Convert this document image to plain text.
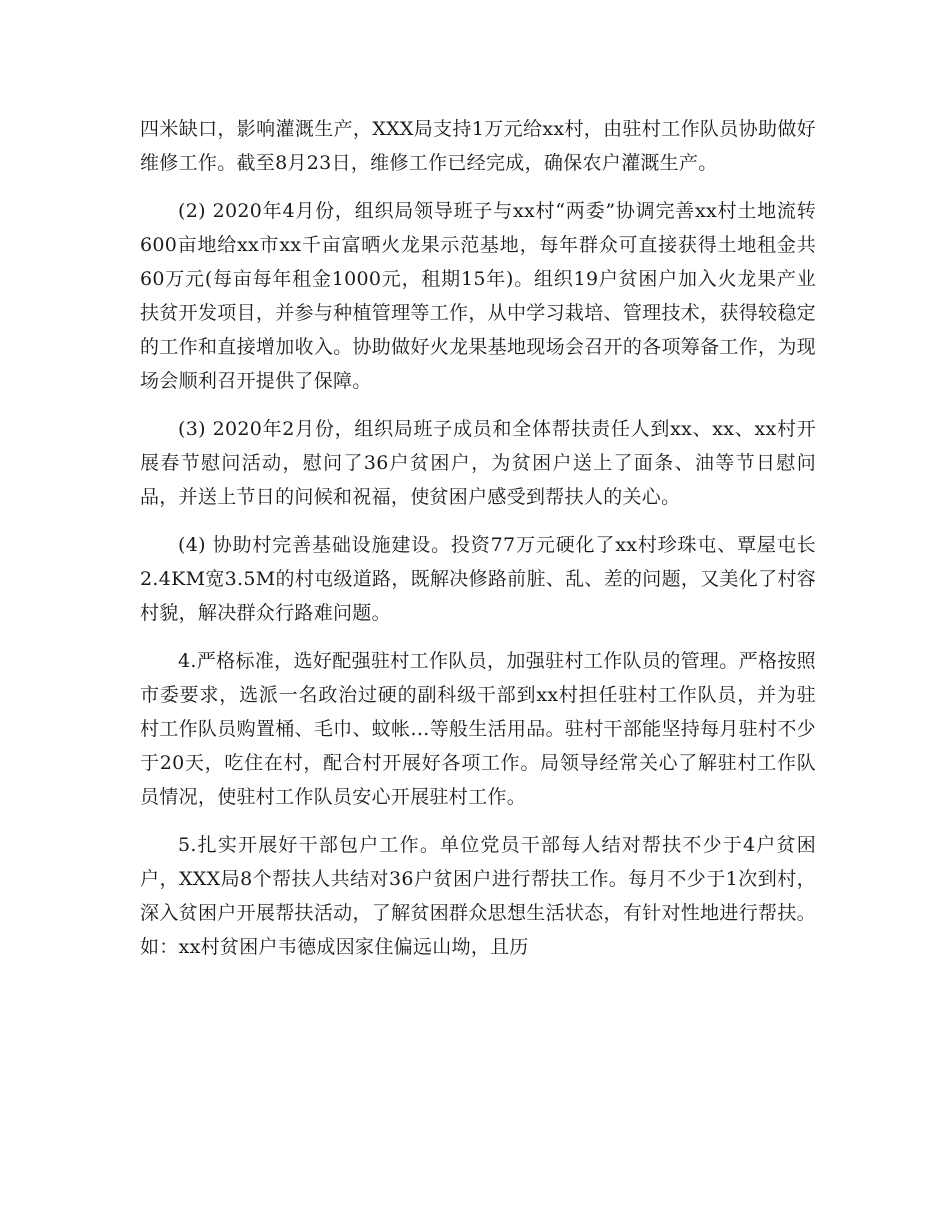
四米缺口，影响灌溉生产，XXX局支持1万元给xx村，由驻村工作队员协助做好维修工作。截至8月23日，维修工作已经完成，确保农户灌溉生产。

(2) 2020年4月份，组织局领导班子与xx村“两委”协调完善xx村土地流转600亩地给xx市xx千亩富晒火龙果示范基地，每年群众可直接获得土地租金共60万元(每亩每年租金1000元，租期15年)。组织19户贫困户加入火龙果产业扶贫开发项目，并参与种植管理等工作，从中学习栽培、管理技术，获得较稳定的工作和直接增加收入。协助做好火龙果基地现场会召开的各项筹备工作，为现场会顺利召开提供了保障。

(3) 2020年2月份，组织局班子成员和全体帮扶责任人到xx、xx、xx村开展春节慰问活动，慰问了36户贫困户，为贫困户送上了面条、油等节日慰问品，并送上节日的问候和祝福，使贫困户感受到帮扶人的关心。

(4) 协助村完善基础设施建设。投资77万元硬化了xx村珍珠屯、覃屋屯长2.4KM宽3.5M的村屯级道路，既解决修路前脏、乱、差的问题，又美化了村容村貌，解决群众行路难问题。

4.严格标准，选好配强驻村工作队员，加强驻村工作队员的管理。严格按照市委要求，选派一名政治过硬的副科级干部到xx村担任驻村工作队员，并为驻村工作队员购置桶、毛巾、蚊帐…等般生活用品。驻村干部能坚持每月驻村不少于20天，吃住在村，配合村开展好各项工作。局领导经常关心了解驻村工作队员情况，使驻村工作队员安心开展驻村工作。

5.扎实开展好干部包户工作。单位党员干部每人结对帮扶不少于4户贫困户，XXX局8个帮扶人共结对36户贫困户进行帮扶工作。每月不少于1次到村，深入贫困户开展帮扶活动，了解贫困群众思想生活状态，有针对性地进行帮扶。如：xx村贫困户韦德成因家住偏远山坳，且历
